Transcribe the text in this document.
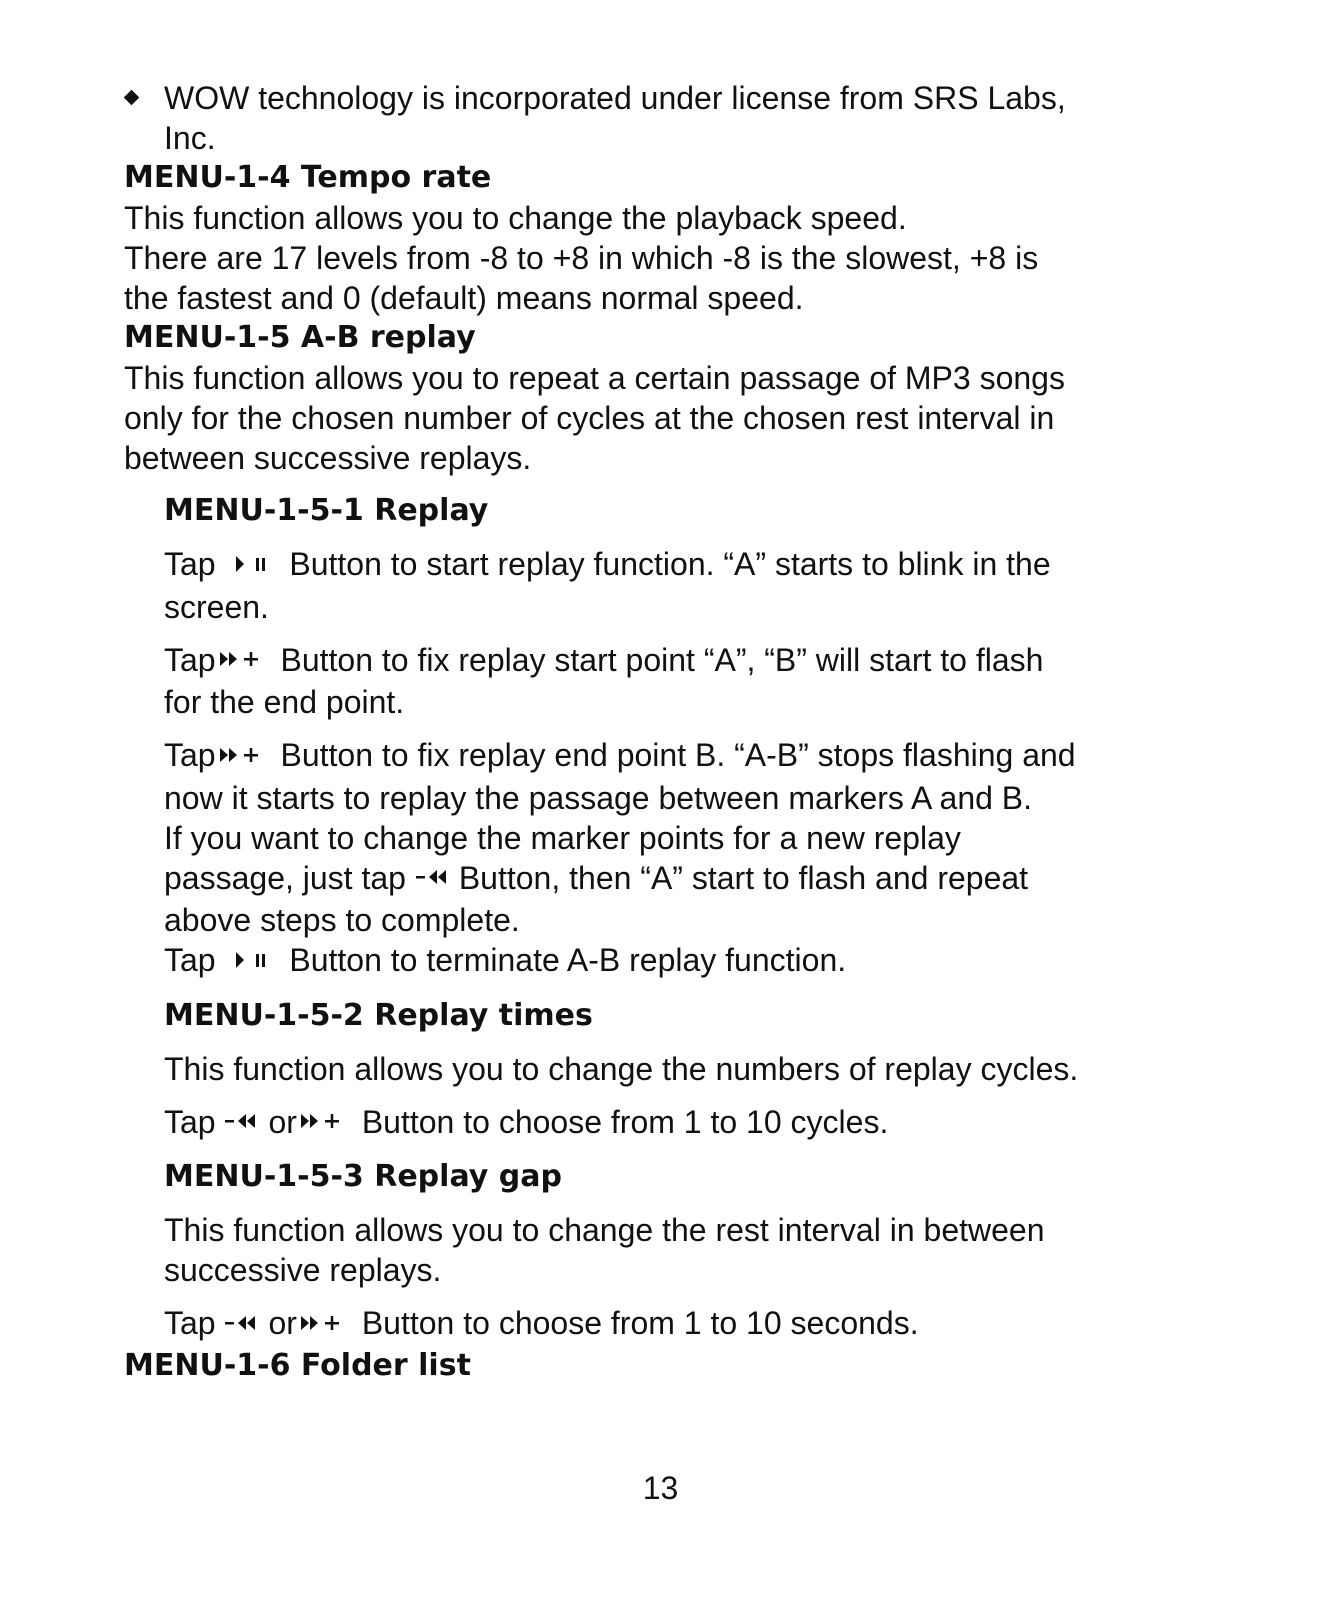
WOW technology is incorporated under license from SRS Labs,
Inc.
MENU-1-4 Tempo rate
This function allows you to change the playback speed.
There are 17 levels from -8 to +8 in which -8 is the slowest, +8 is
the fastest and 0 (default) means normal speed.
MENU-1-5 A-B replay
This function allows you to repeat a certain passage of MP3 songs
only for the chosen number of cycles at the chosen rest interval in
between successive replays.
MENU-1-5-1 Replay
Tap Button to start replay function. “A” starts to blink in the
screen.
Tap Button to fix replay start point “A”, “B” will start to flash
for the end point.
Tap Button to fix replay end point B. “A-B” stops flashing and
now it starts to replay the passage between markers A and B.
If you want to change the marker points for a new replay
passage, just tap Button, then “A” start to flash and repeat
above steps to complete.
Tap Button to terminate A-B replay function.
MENU-1-5-2 Replay times
This function allows you to change the numbers of replay cycles.
Tap or Button to choose from 1 to 10 cycles.
MENU-1-5-3 Replay gap
This function allows you to change the rest interval in between
successive replays.
Tap or Button to choose from 1 to 10 seconds.
MENU-1-6 Folder list
13
